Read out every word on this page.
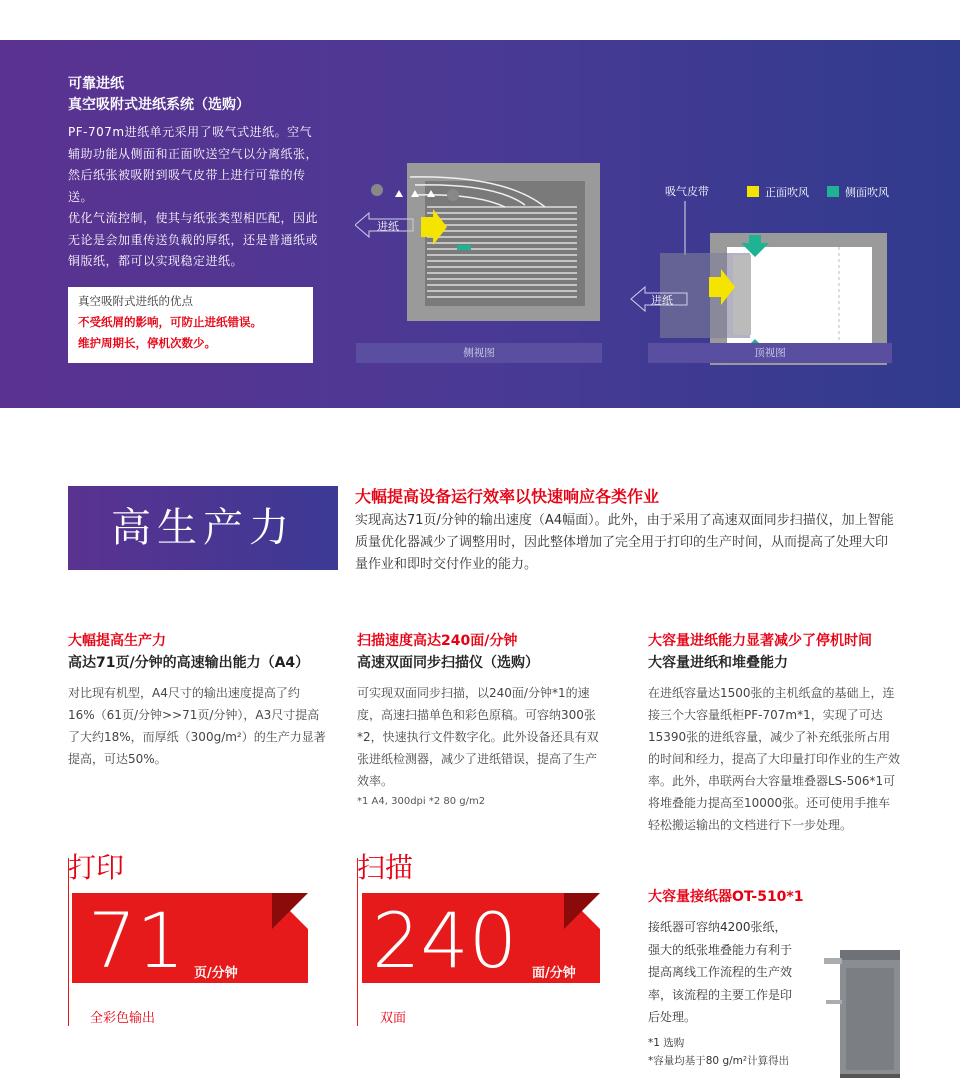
可靠进纸
真空吸附式进纸系统（选购）
PF-707m进纸单元采用了吸气式进纸。空气辅助功能从侧面和正面吹送空气以分离纸张，然后纸张被吸附到吸气皮带上进行可靠的传送。
优化气流控制，使其与纸张类型相匹配，因此无论是会加重传送负载的厚纸，还是普通纸或铜版纸，都可以实现稳定进纸。
真空吸附式进纸的优点
不受纸屑的影响，可防止进纸错误。
维护周期长，停机次数少。
进纸
吸气皮带	正面吹风	侧面吹风
进纸
侧视图	顶视图
高生产力
大幅提高设备运行效率以快速响应各类作业
实现高达71页/分钟的输出速度（A4幅面）。此外，由于采用了高速双面同步扫描仪，加上智能质量优化器减少了调整用时，因此整体增加了完全用于打印的生产时间，从而提高了处理大印量作业和即时交付作业的能力。
大幅提高生产力
高达71页/分钟的高速输出能力（A4）
对比现有机型，A4尺寸的输出速度提高了约16%（61页/分钟>>71页/分钟），A3尺寸提高了大约18%，而厚纸（300g/m²）的生产力显著提高，可达50%。
扫描速度高达240面/分钟
高速双面同步扫描仪（选购）
可实现双面同步扫描，以240面/分钟*1的速度，高速扫描单色和彩色原稿。可容纳300张*2，快速执行文件数字化。此外设备还具有双张进纸检测器，减少了进纸错误，提高了生产效率。
*1 A4, 300dpi *2 80 g/m2
大容量进纸能力显著减少了停机时间
大容量进纸和堆叠能力
在进纸容量达1500张的主机纸盒的基础上，连接三个大容量纸柜PF-707m*1，实现了可达15390张的进纸容量，减少了补充纸张所占用的时间和经力，提高了大印量打印作业的生产效率。此外，串联两台大容量堆叠器LS-506*1可将堆叠能力提高至10000张。还可使用手推车轻松搬运输出的文档进行下一步处理。
打印
71 页/分钟
全彩色输出
扫描
240 面/分钟
双面
大容量接纸器OT-510*1
接纸器可容纳4200张纸，强大的纸张堆叠能力有利于提高离线工作流程的生产效率，该流程的主要工作是印后处理。
*1 选购
*容量均基于80 g/m²计算得出
